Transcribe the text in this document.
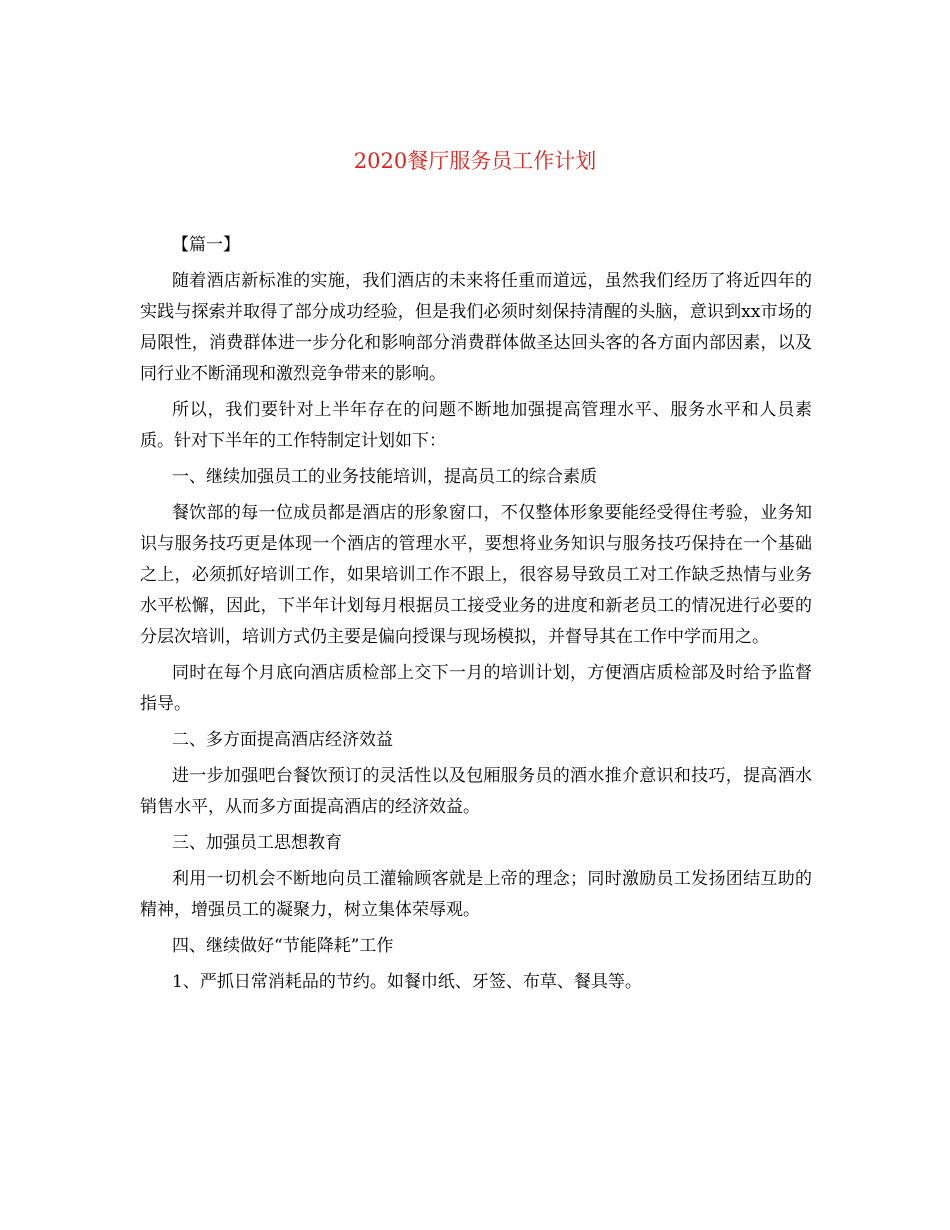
2020餐厅服务员工作计划

【篇一】

随着酒店新标准的实施，我们酒店的未来将任重而道远，虽然我们经历了将近四年的实践与探索并取得了部分成功经验，但是我们必须时刻保持清醒的头脑，意识到xx市场的局限性，消费群体进一步分化和影响部分消费群体做圣达回头客的各方面内部因素，以及同行业不断涌现和激烈竞争带来的影响。

所以，我们要针对上半年存在的问题不断地加强提高管理水平、服务水平和人员素质。针对下半年的工作特制定计划如下：

一、继续加强员工的业务技能培训，提高员工的综合素质

餐饮部的每一位成员都是酒店的形象窗口，不仅整体形象要能经受得住考验，业务知识与服务技巧更是体现一个酒店的管理水平，要想将业务知识与服务技巧保持在一个基础之上，必须抓好培训工作，如果培训工作不跟上，很容易导致员工对工作缺乏热情与业务水平松懈，因此，下半年计划每月根据员工接受业务的进度和新老员工的情况进行必要的分层次培训，培训方式仍主要是偏向授课与现场模拟，并督导其在工作中学而用之。

同时在每个月底向酒店质检部上交下一月的培训计划，方便酒店质检部及时给予监督指导。

二、多方面提高酒店经济效益

进一步加强吧台餐饮预订的灵活性以及包厢服务员的酒水推介意识和技巧，提高酒水销售水平，从而多方面提高酒店的经济效益。

三、加强员工思想教育

利用一切机会不断地向员工灌输顾客就是上帝的理念；同时激励员工发扬团结互助的精神，增强员工的凝聚力，树立集体荣辱观。

四、继续做好“节能降耗”工作

1、严抓日常消耗品的节约。如餐巾纸、牙签、布草、餐具等。
